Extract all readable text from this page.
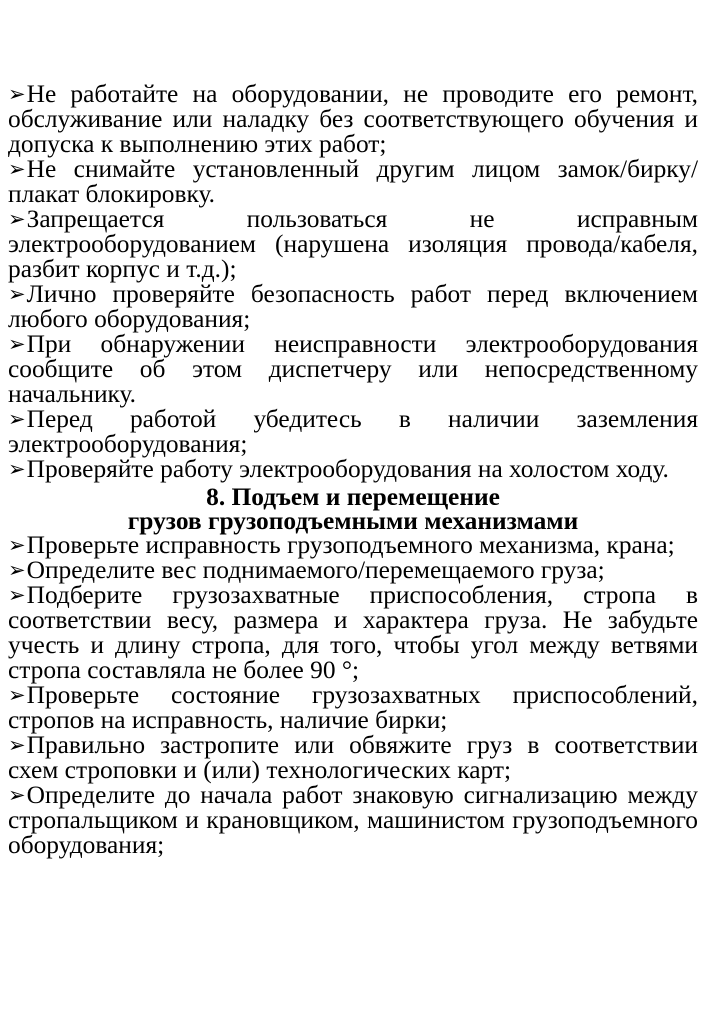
➢Не работайте на оборудовании, не проводите его ремонт, обслуживание или наладку без соответствующего обучения и допуска к выполнению этих работ;

➢Не снимайте установленный другим лицом замок/бирку/плакат блокировку.

➢Запрещается пользоваться не исправным электрооборудованием (нарушена изоляция провода/кабеля, разбит корпус и т.д.);

➢Лично проверяйте безопасность работ перед включением любого оборудования;

➢При обнаружении неисправности электрооборудования сообщите об этом диспетчеру или непосредственному начальнику.

➢Перед работой убедитесь в наличии заземления электрооборудования;

➢Проверяйте работу электрооборудования на холостом ходу.

8. Подъем и перемещение
грузов грузоподъемными механизмами

➢Проверьте исправность грузоподъемного механизма, крана;

➢Определите вес поднимаемого/перемещаемого груза;

➢Подберите грузозахватные приспособления, стропа в соответствии весу, размера и характера груза. Не забудьте учесть и длину стропа, для того, чтобы угол между ветвями стропа составляла не более 90 °;

➢Проверьте состояние грузозахватных приспособлений, стропов на исправность, наличие бирки;

➢Правильно застропите или обвяжите груз в соответствии схем строповки и (или) технологических карт;

➢Определите до начала работ знаковую сигнализацию между стропальщиком и крановщиком, машинистом грузоподъемного оборудования;
